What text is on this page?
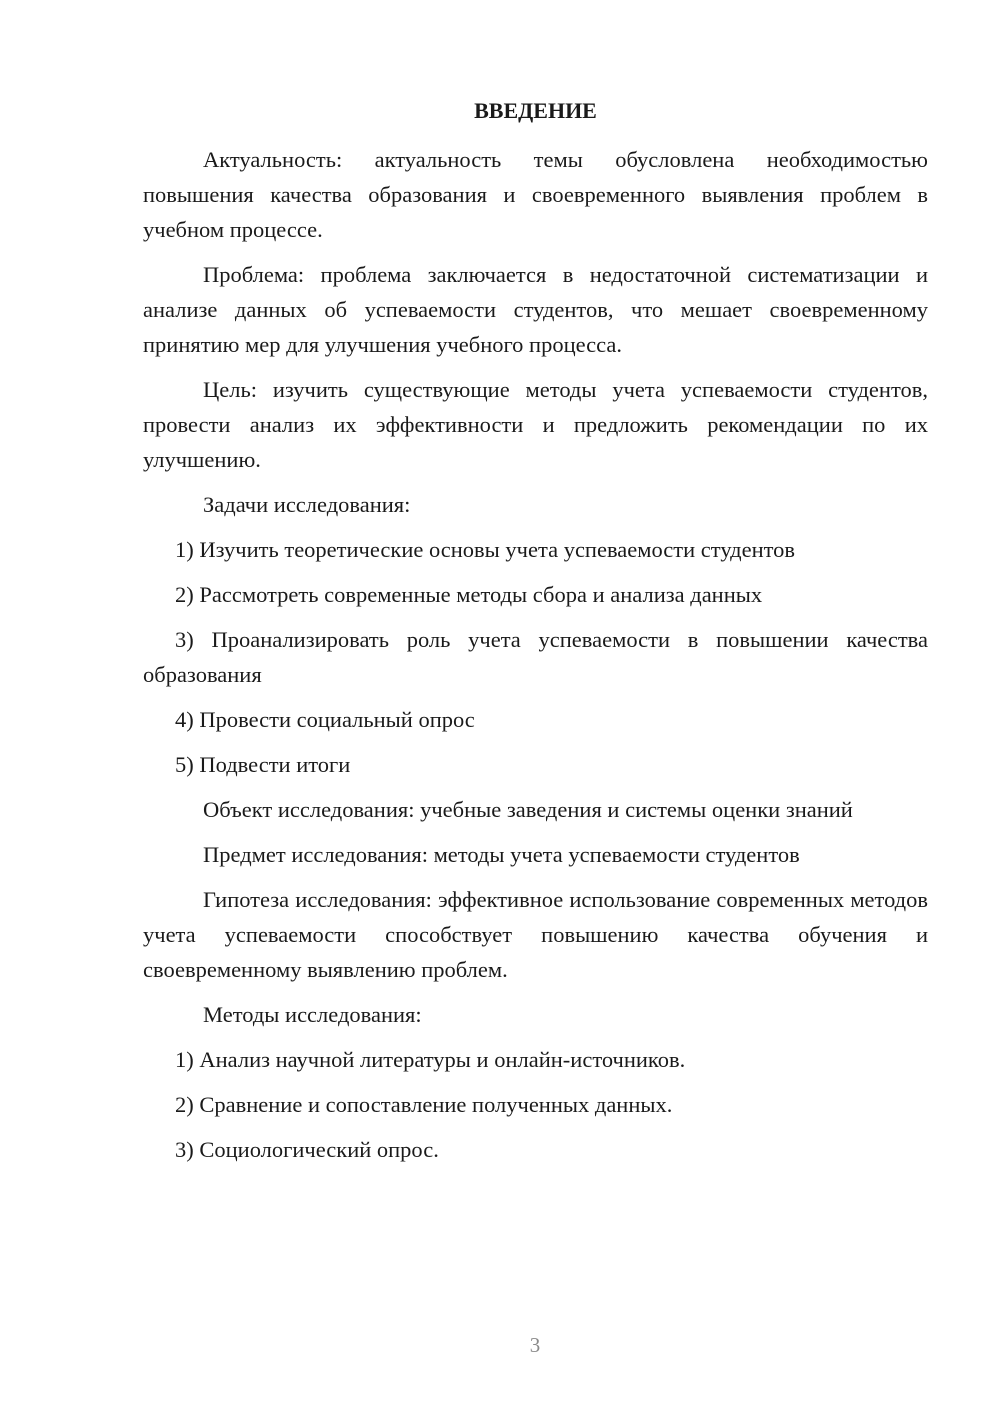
ВВЕДЕНИЕ

Актуальность: актуальность темы обусловлена необходимостью повышения качества образования и своевременного выявления проблем в учебном процессе.

Проблема: проблема заключается в недостаточной систематизации и анализе данных об успеваемости студентов, что мешает своевременному принятию мер для улучшения учебного процесса.

Цель: изучить существующие методы учета успеваемости студентов, провести анализ их эффективности и предложить рекомендации по их улучшению.

Задачи исследования:

1) Изучить теоретические основы учета успеваемости студентов

2) Рассмотреть современные методы сбора и анализа данных

3) Проанализировать роль учета успеваемости в повышении качества образования

4) Провести социальный опрос

5) Подвести итоги

Объект исследования: учебные заведения и системы оценки знаний

Предмет исследования: методы учета успеваемости студентов

Гипотеза исследования: эффективное использование современных методов учета успеваемости способствует повышению качества обучения и своевременному выявлению проблем.

Методы исследования:

1) Анализ научной литературы и онлайн-источников.

2) Сравнение и сопоставление полученных данных.

3) Социологический опрос.

3
